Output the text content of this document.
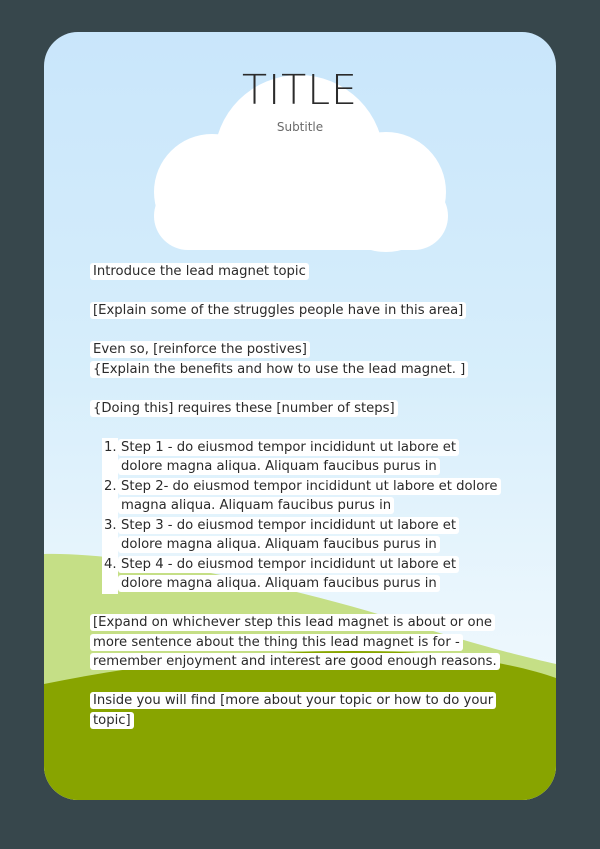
TITLE
Subtitle

Introduce the lead magnet topic

[Explain some of the struggles people have in this area]

Even so, [reinforce the postives]

{Explain the benefits and how to use the lead magnet. ]

{Doing this] requires these [number of steps]

1. Step 1 - do eiusmod tempor incididunt ut labore et dolore magna aliqua. Aliquam faucibus purus in
2. Step 2- do eiusmod tempor incididunt ut labore et dolore magna aliqua. Aliquam faucibus purus in
3. Step 3 - do eiusmod tempor incididunt ut labore et dolore magna aliqua. Aliquam faucibus purus in
4. Step 4 - do eiusmod tempor incididunt ut labore et dolore magna aliqua. Aliquam faucibus purus in

[Expand on whichever step this lead magnet is about or one more sentence about the thing this lead magnet is for - remember enjoyment and interest are good enough reasons.

Inside you will find [more about your topic or how to do your topic]
